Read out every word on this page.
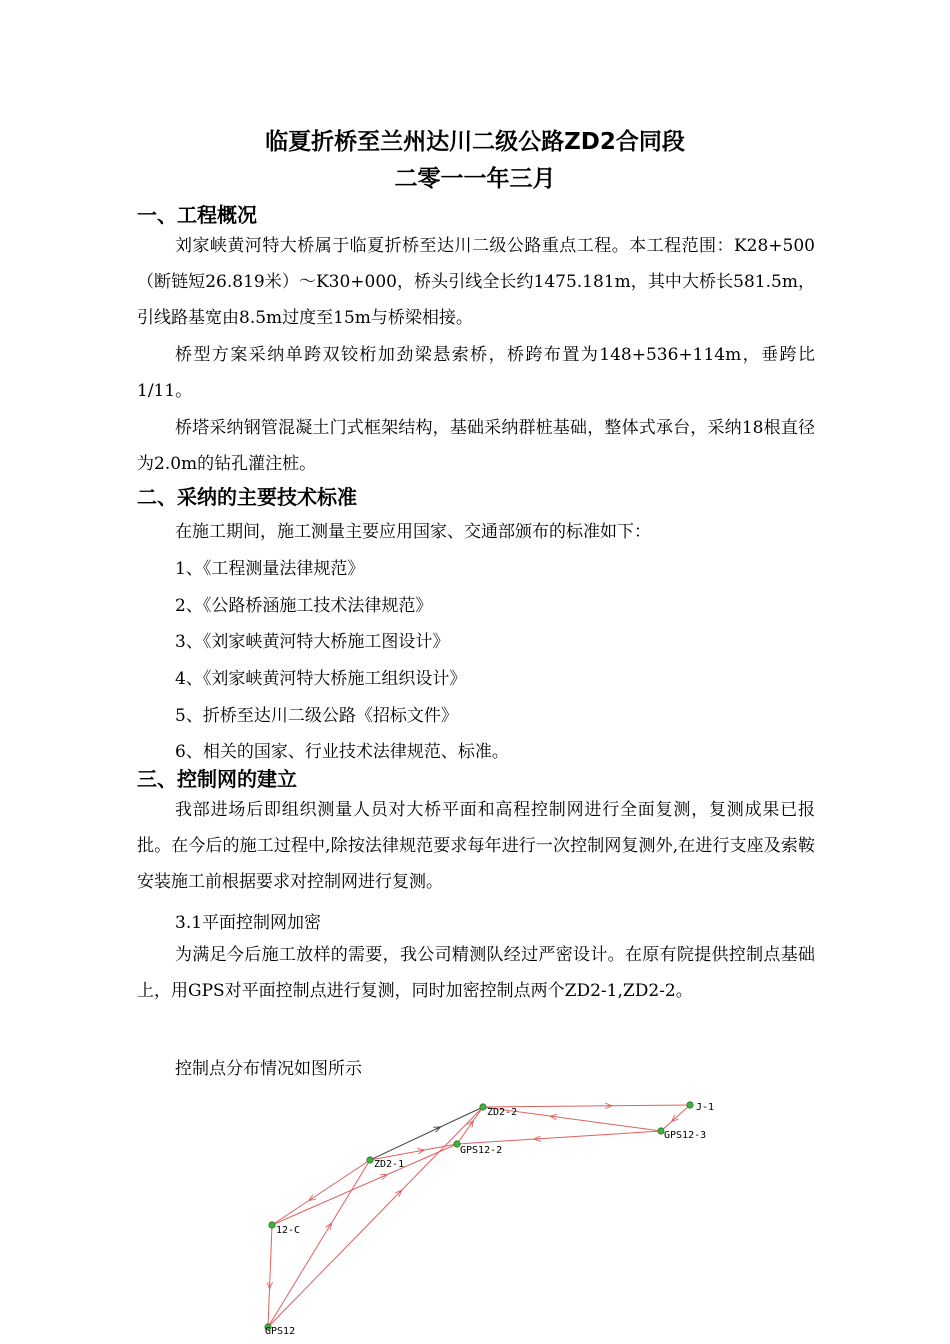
临夏折桥至兰州达川二级公路ZD2合同段
二零一一年三月
一、工程概况
刘家峡黄河特大桥属于临夏折桥至达川二级公路重点工程。本工程范围：K28+500（断链短26.819米）～K30+000，桥头引线全长约1475.181m，其中大桥长581.5m，引线路基宽由8.5m过度至15m与桥梁相接。
桥型方案采纳单跨双铰桁加劲梁悬索桥，桥跨布置为148+536+114m，垂跨比1/11。
桥塔采纳钢管混凝土门式框架结构，基础采纳群桩基础，整体式承台，采纳18根直径为2.0m的钻孔灌注桩。
二、采纳的主要技术标准
在施工期间，施工测量主要应用国家、交通部颁布的标准如下：
1、《工程测量法律规范》
2、《公路桥涵施工技术法律规范》
3、《刘家峡黄河特大桥施工图设计》
4、《刘家峡黄河特大桥施工组织设计》
5、折桥至达川二级公路《招标文件》
6、相关的国家、行业技术法律规范、标准。
三、控制网的建立
我部进场后即组织测量人员对大桥平面和高程控制网进行全面复测，复测成果已报批。在今后的施工过程中,除按法律规范要求每年进行一次控制网复测外,在进行支座及索鞍安装施工前根据要求对控制网进行复测。
3.1平面控制网加密
为满足今后施工放样的需要，我公司精测队经过严密设计。在原有院提供控制点基础上，用GPS对平面控制点进行复测，同时加密控制点两个ZD2-1,ZD2-2。
控制点分布情况如图所示
ZD2-2	J-1
GPS12-3
GPS12-2
ZD2-1
12-C
GPS12
